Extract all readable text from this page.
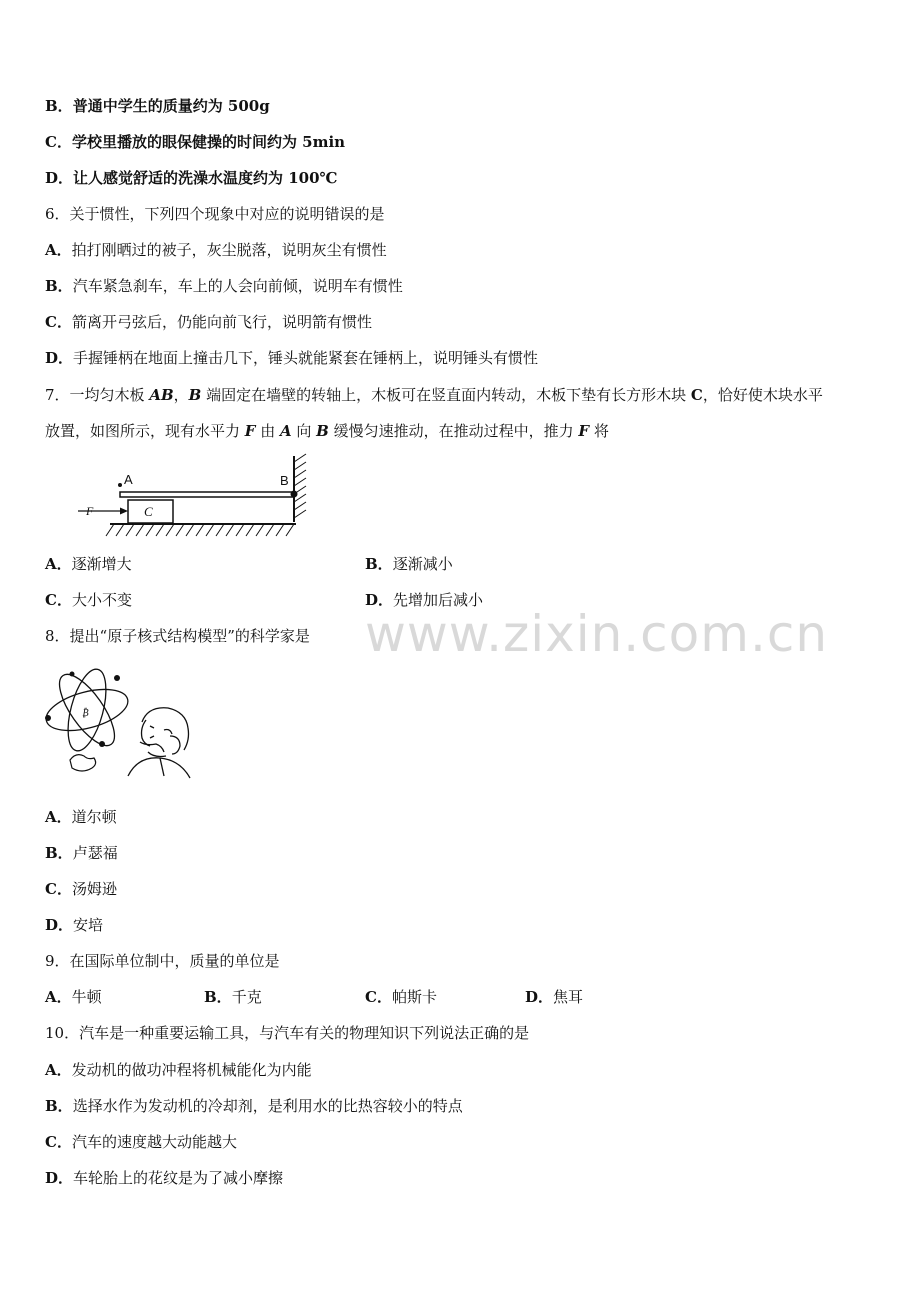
www.zixin.com.cn
B．普通中学生的质量约为 500g
C．学校里播放的眼保健操的时间约为 5min
D．让人感觉舒适的洗澡水温度约为 100℃
6．关于惯性，下列四个现象中对应的说明错误的是
A．拍打刚晒过的被子，灰尘脱落，说明灰尘有惯性
B．汽车紧急刹车，车上的人会向前倾，说明车有惯性
C．箭离开弓弦后，仍能向前飞行，说明箭有惯性
D．手握锤柄在地面上撞击几下，锤头就能紧套在锤柄上，说明锤头有惯性
7．一均匀木板 AB，B 端固定在墙壁的转轴上，木板可在竖直面内转动，木板下垫有长方形木块 C，恰好使木块水平
放置，如图所示，现有水平力 F 由 A 向 B 缓慢匀速推动，在推动过程中，推力 F 将
A	B
C
F
A．逐渐增大	B．逐渐减小
C．大小不变	D．先增加后减小
8．提出“原子核式结构模型”的科学家是
₿
A．道尔顿
B．卢瑟福
C．汤姆逊
D．安培
9．在国际单位制中，质量的单位是
A．牛顿	B．千克	C．帕斯卡	D．焦耳
10．汽车是一种重要运输工具，与汽车有关的物理知识下列说法正确的是
A．发动机的做功冲程将机械能化为内能
B．选择水作为发动机的冷却剂，是利用水的比热容较小的特点
C．汽车的速度越大动能越大
D．车轮胎上的花纹是为了减小摩擦
